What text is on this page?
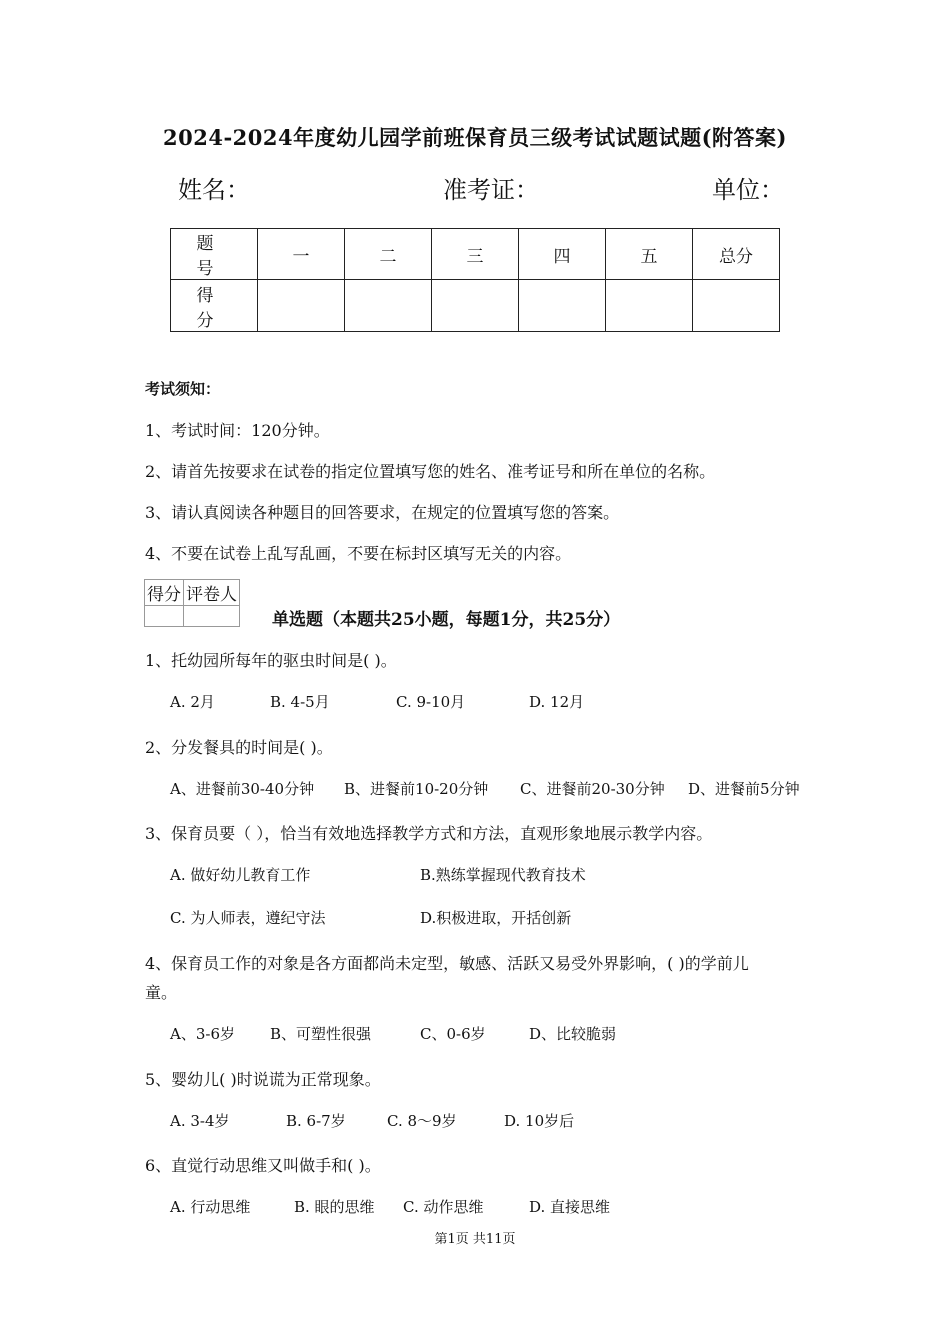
2024-2024年度幼儿园学前班保育员三级考试试题试题(附答案)
姓名：	准考证：	单位：
题 号	一	二	三	四	五	总分
得 分						
考试须知：
1、考试时间：120分钟。
2、请首先按要求在试卷的指定位置填写您的姓名、准考证号和所在单位的名称。
3、请认真阅读各种题目的回答要求，在规定的位置填写您的答案。
4、不要在试卷上乱写乱画，不要在标封区填写无关的内容。
得分	评卷人

单选题（本题共25小题，每题1分，共25分）
1、托幼园所每年的驱虫时间是( )。
A. 2月	B. 4-5月	C. 9-10月	D. 12月
2、分发餐具的时间是( )。
A、进餐前30-40分钟 B、进餐前10-20分钟 C、进餐前20-30分钟 D、进餐前5分钟
3、保育员要（ ），恰当有效地选择教学方式和方法，直观形象地展示教学内容。
A. 做好幼儿教育工作	B.熟练掌握现代教育技术
C. 为人师表，遵纪守法	D.积极进取，开括创新
4、保育员工作的对象是各方面都尚未定型，敏感、活跃又易受外界影响，( )的学前儿
童。
A、3-6岁 B、可塑性很强	C、0-6岁	D、比较脆弱
5、婴幼儿( )时说谎为正常现象。
A. 3-4岁	B. 6-7岁	C. 8～9岁	D. 10岁后
6、直觉行动思维又叫做手和( )。
A. 行动思维	B. 眼的思维 C. 动作思维	D. 直接思维
第1页 共11页
